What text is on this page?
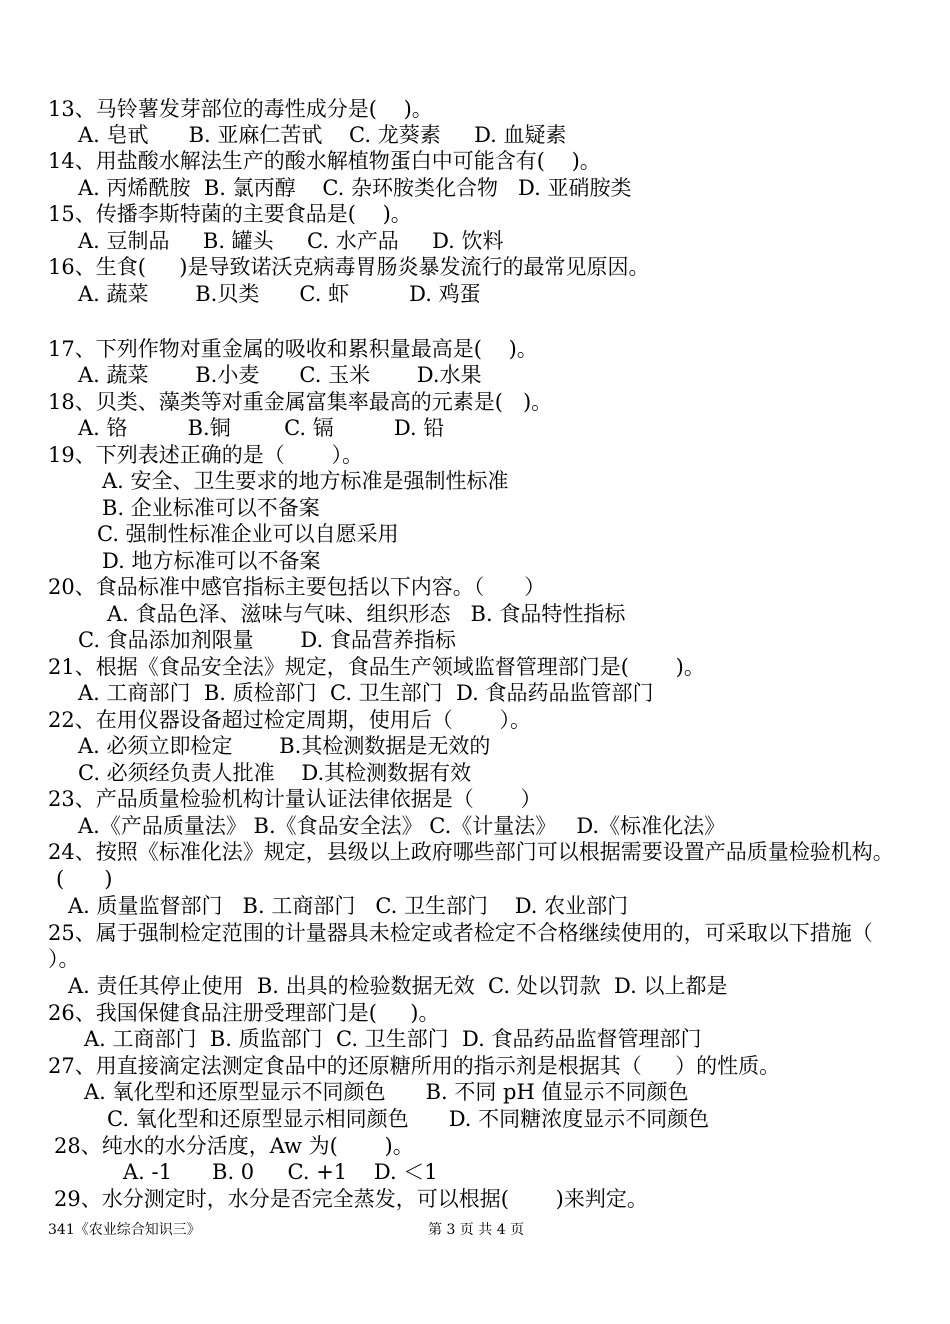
13、马铃薯发芽部位的毒性成分是(    )。
A. 皂甙      B. 亚麻仁苦甙    C. 龙葵素     D. 血疑素
14、用盐酸水解法生产的酸水解植物蛋白中可能含有(    )。
A. 丙烯酰胺  B. 氯丙醇    C. 杂环胺类化合物   D. 亚硝胺类
15、传播李斯特菌的主要食品是(    )。
A. 豆制品     B. 罐头     C. 水产品     D. 饮料
16、生食(     )是导致诺沃克病毒胃肠炎暴发流行的最常见原因。
A. 蔬菜       B.贝类      C. 虾         D. 鸡蛋
17、下列作物对重金属的吸收和累积量最高是(    )。
A. 蔬菜       B.小麦      C. 玉米       D.水果
18、贝类、藻类等对重金属富集率最高的元素是(   )。
A. 铬         B.铜        C. 镉         D. 铅
19、下列表述正确的是（       ）。
A. 安全、卫生要求的地方标准是强制性标准
B. 企业标准可以不备案
C. 强制性标准企业可以自愿采用
D. 地方标准可以不备案
20、食品标准中感官指标主要包括以下内容。（      ）
A. 食品色泽、滋味与气味、组织形态   B. 食品特性指标
C. 食品添加剂限量       D. 食品营养指标
21、根据《食品安全法》规定，食品生产领域监督管理部门是(       )。
A. 工商部门  B. 质检部门  C. 卫生部门  D. 食品药品监管部门
22、在用仪器设备超过检定周期，使用后（       ）。
A. 必须立即检定       B.其检测数据是无效的
C. 必须经负责人批准    D.其检测数据有效
23、产品质量检验机构计量认证法律依据是（       ）
A.《产品质量法》 B.《食品安全法》 C.《计量法》   D.《标准化法》
24、按照《标准化法》规定，县级以上政府哪些部门可以根据需要设置产品质量检验机构。
(      )
A. 质量监督部门   B. 工商部门   C. 卫生部门    D. 农业部门
25、属于强制检定范围的计量器具未检定或者检定不合格继续使用的，可采取以下措施（
）。
A. 责任其停止使用  B. 出具的检验数据无效  C. 处以罚款  D. 以上都是
26、我国保健食品注册受理部门是(     )。
A. 工商部门  B. 质监部门  C. 卫生部门  D. 食品药品监督管理部门
27、用直接滴定法测定食品中的还原糖所用的指示剂是根据其（     ）的性质。
A. 氧化型和还原型显示不同颜色      B. 不同 pH 值显示不同颜色
C. 氧化型和还原型显示相同颜色      D. 不同糖浓度显示不同颜色
28、纯水的水分活度，Aw 为(       )。
A. -1      B. 0     C. +1    D. ＜1
29、水分测定时，水分是否完全蒸发，可以根据(       )来判定。
341《农业综合知识三》	第 3 页 共 4 页
